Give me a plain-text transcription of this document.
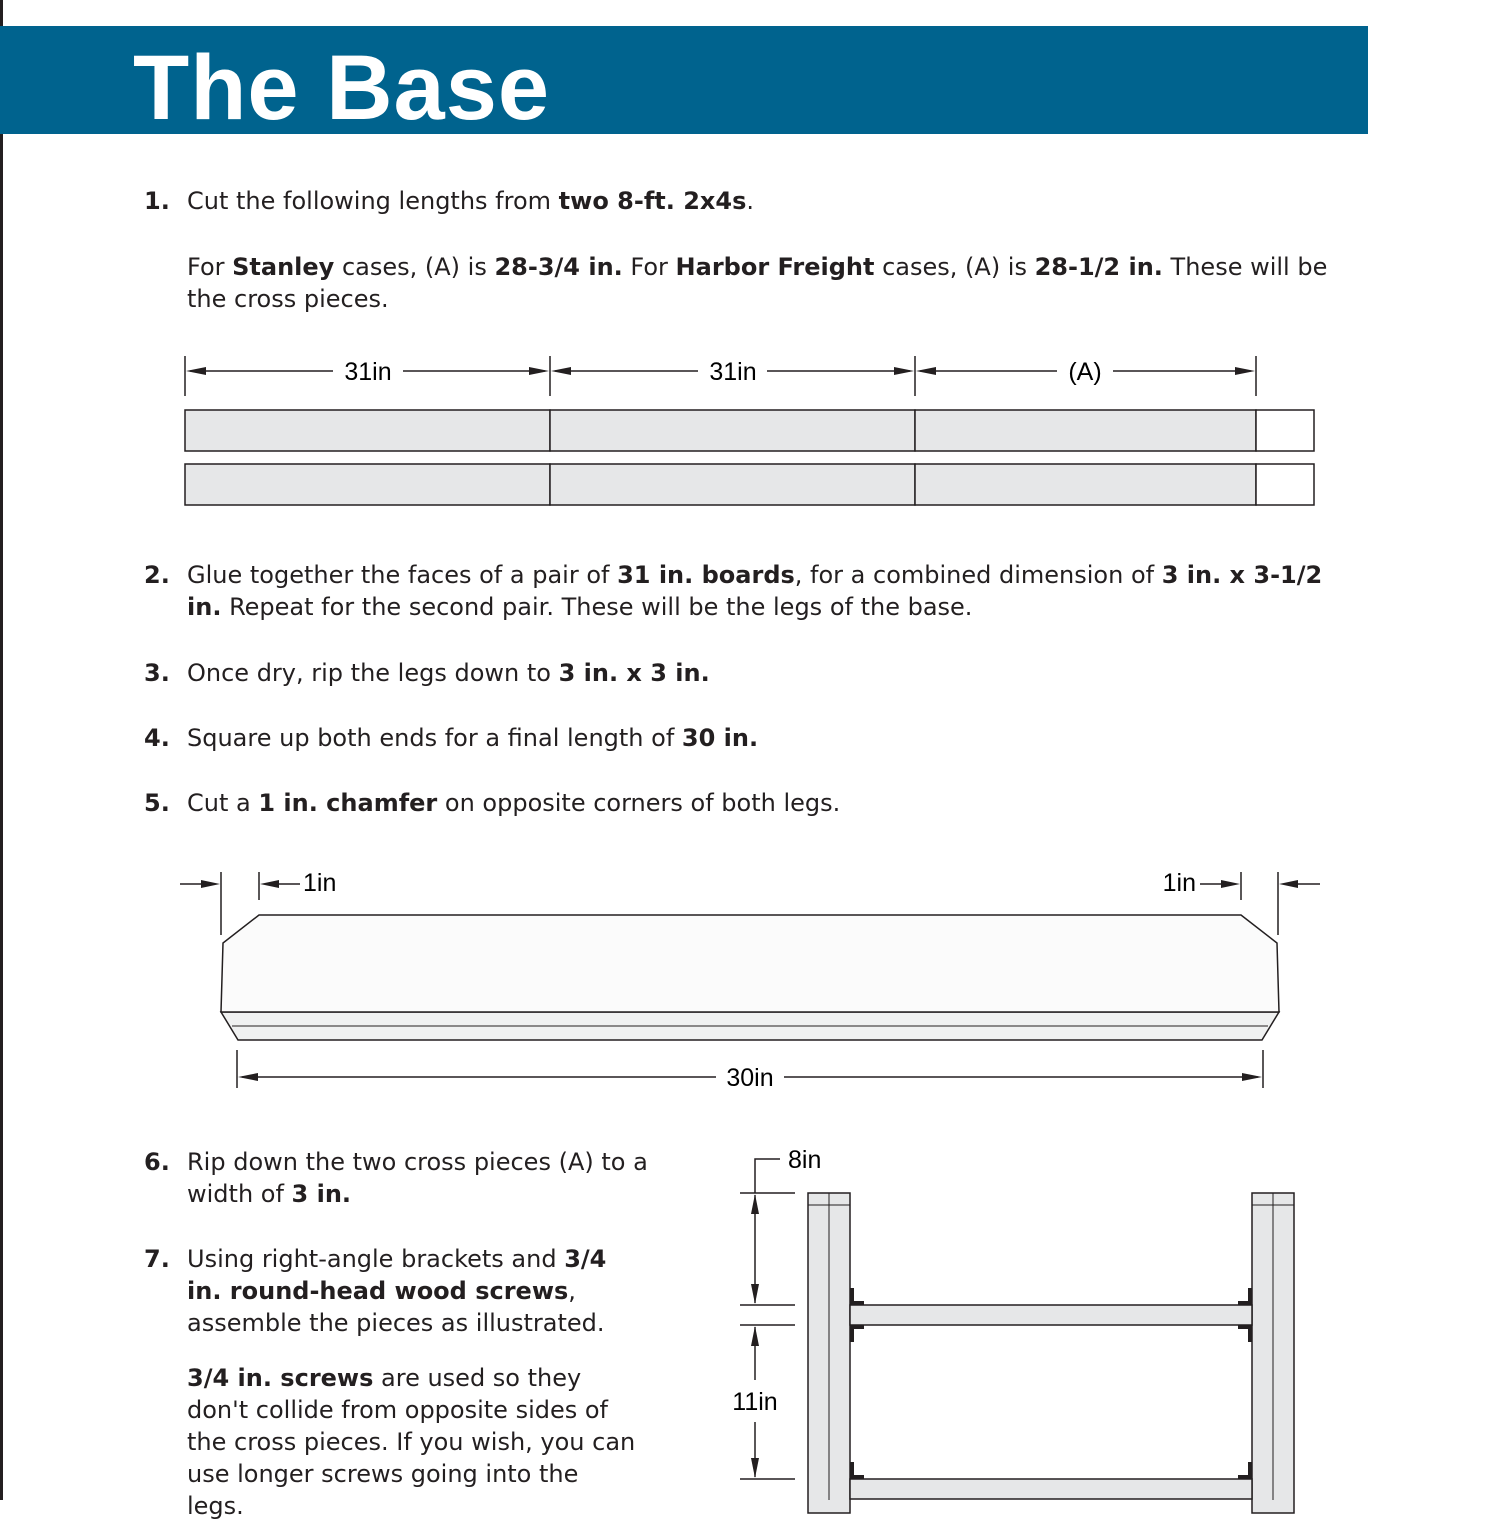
The Base
1. Cut the following lengths from two 8-ft. 2x4s.
For Stanley cases, (A) is 28-3/4 in. For Harbor Freight cases, (A) is 28-1/2 in. These will be the cross pieces.
31in	31in	(A)
2. Glue together the faces of a pair of 31 in. boards, for a combined dimension of 3 in. x 3-1/2 in. Repeat for the second pair. These will be the legs of the base.
3. Once dry, rip the legs down to 3 in. x 3 in.
4. Square up both ends for a final length of 30 in.
5. Cut a 1 in. chamfer on opposite corners of both legs.
1in	1in
30in
6. Rip down the two cross pieces (A) to a width of 3 in.
7. Using right-angle brackets and 3/4 in. round-head wood screws, assemble the pieces as illustrated.
3/4 in. screws are used so they don't collide from opposite sides of the cross pieces. If you wish, you can use longer screws going into the legs.
8in
11in
